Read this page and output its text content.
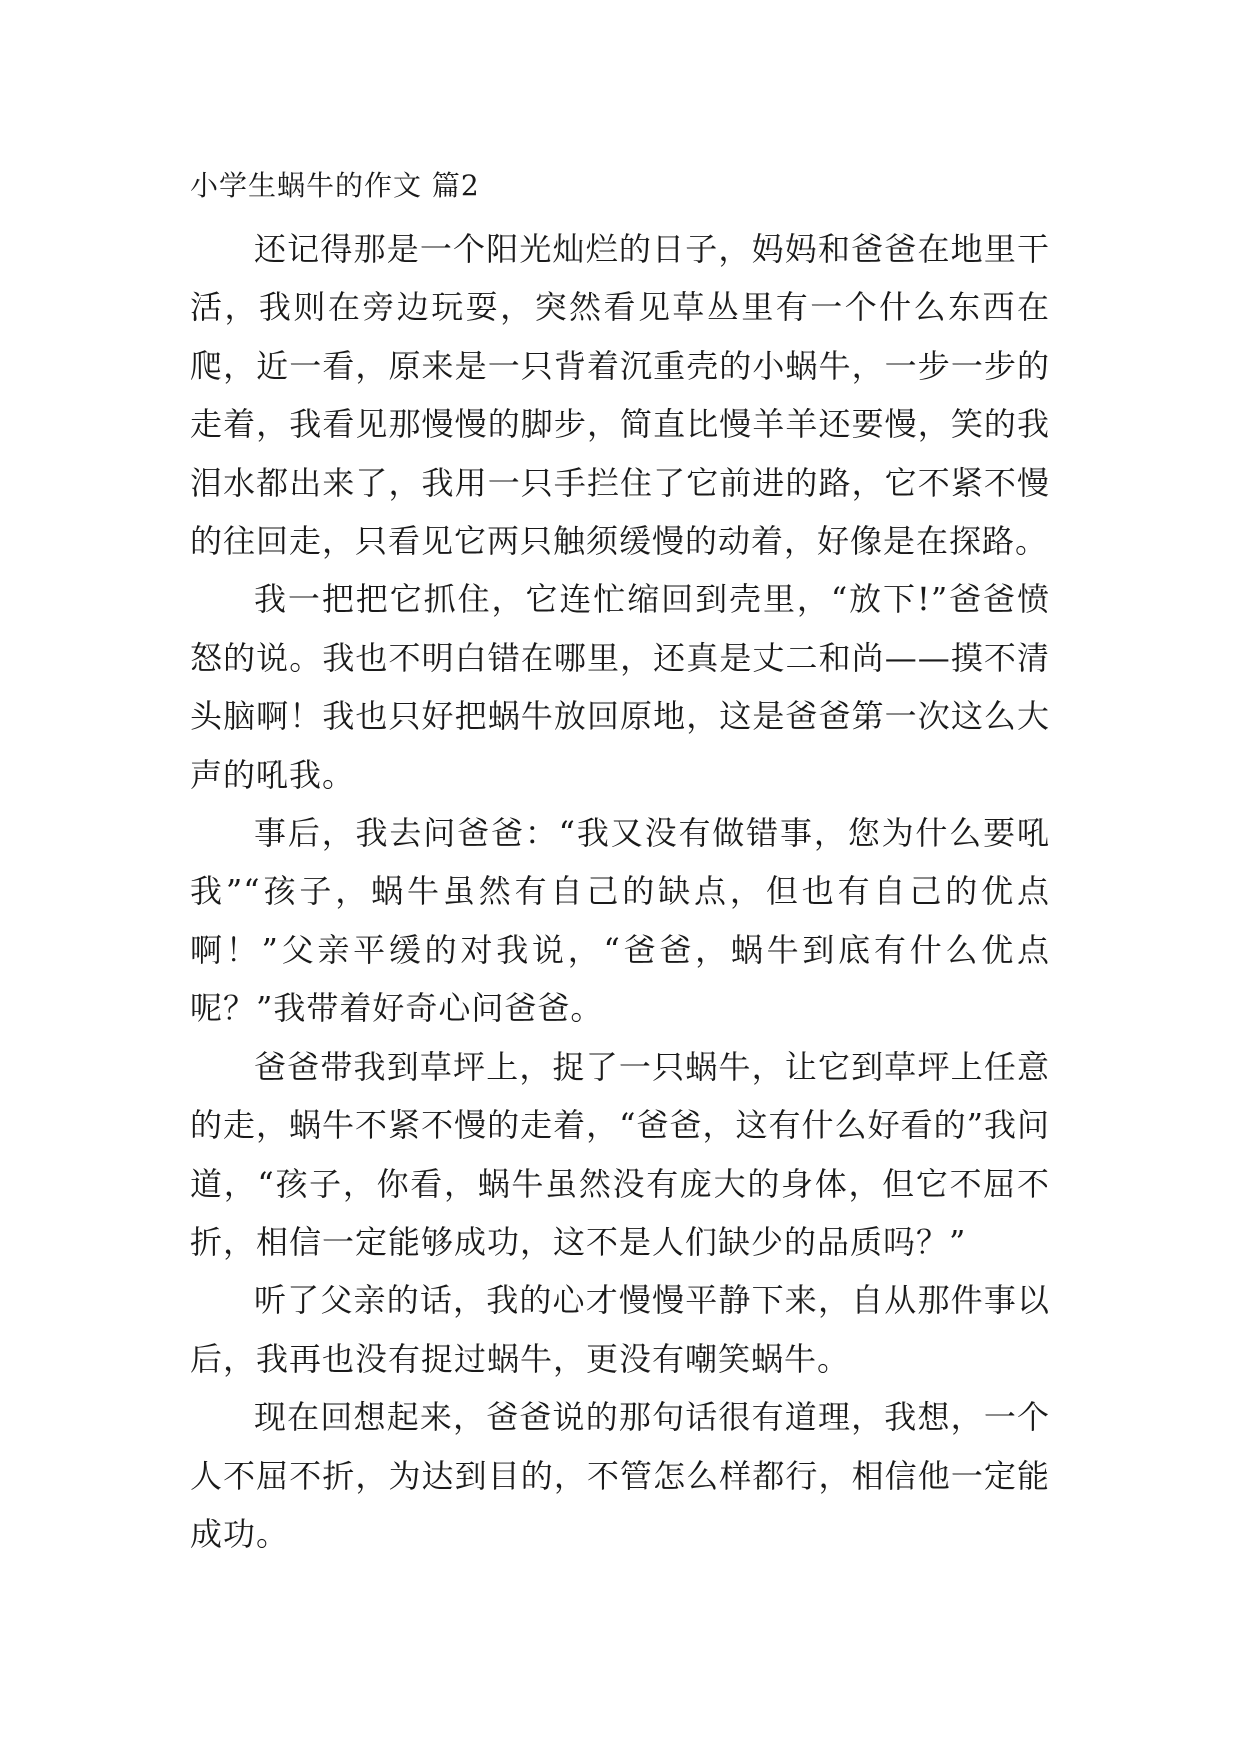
小学生蜗牛的作文 篇2

还记得那是一个阳光灿烂的日子，妈妈和爸爸在地里干活，我则在旁边玩耍，突然看见草丛里有一个什么东西在爬，近一看，原来是一只背着沉重壳的小蜗牛，一步一步的走着，我看见那慢慢的脚步，简直比慢羊羊还要慢，笑的我泪水都出来了，我用一只手拦住了它前进的路，它不紧不慢的往回走，只看见它两只触须缓慢的动着，好像是在探路。

我一把把它抓住，它连忙缩回到壳里，“放下!”爸爸愤怒的说。我也不明白错在哪里，还真是丈二和尚——摸不清头脑啊！我也只好把蜗牛放回原地，这是爸爸第一次这么大声的吼我。

事后，我去问爸爸：“我又没有做错事，您为什么要吼我”“孩子，蜗牛虽然有自己的缺点，但也有自己的优点啊！”父亲平缓的对我说，“爸爸，蜗牛到底有什么优点呢？”我带着好奇心问爸爸。

爸爸带我到草坪上，捉了一只蜗牛，让它到草坪上任意的走，蜗牛不紧不慢的走着，“爸爸，这有什么好看的”我问道，“孩子，你看，蜗牛虽然没有庞大的身体，但它不屈不折，相信一定能够成功，这不是人们缺少的品质吗？”

听了父亲的话，我的心才慢慢平静下来，自从那件事以后，我再也没有捉过蜗牛，更没有嘲笑蜗牛。

现在回想起来，爸爸说的那句话很有道理，我想，一个人不屈不折，为达到目的，不管怎么样都行，相信他一定能成功。
